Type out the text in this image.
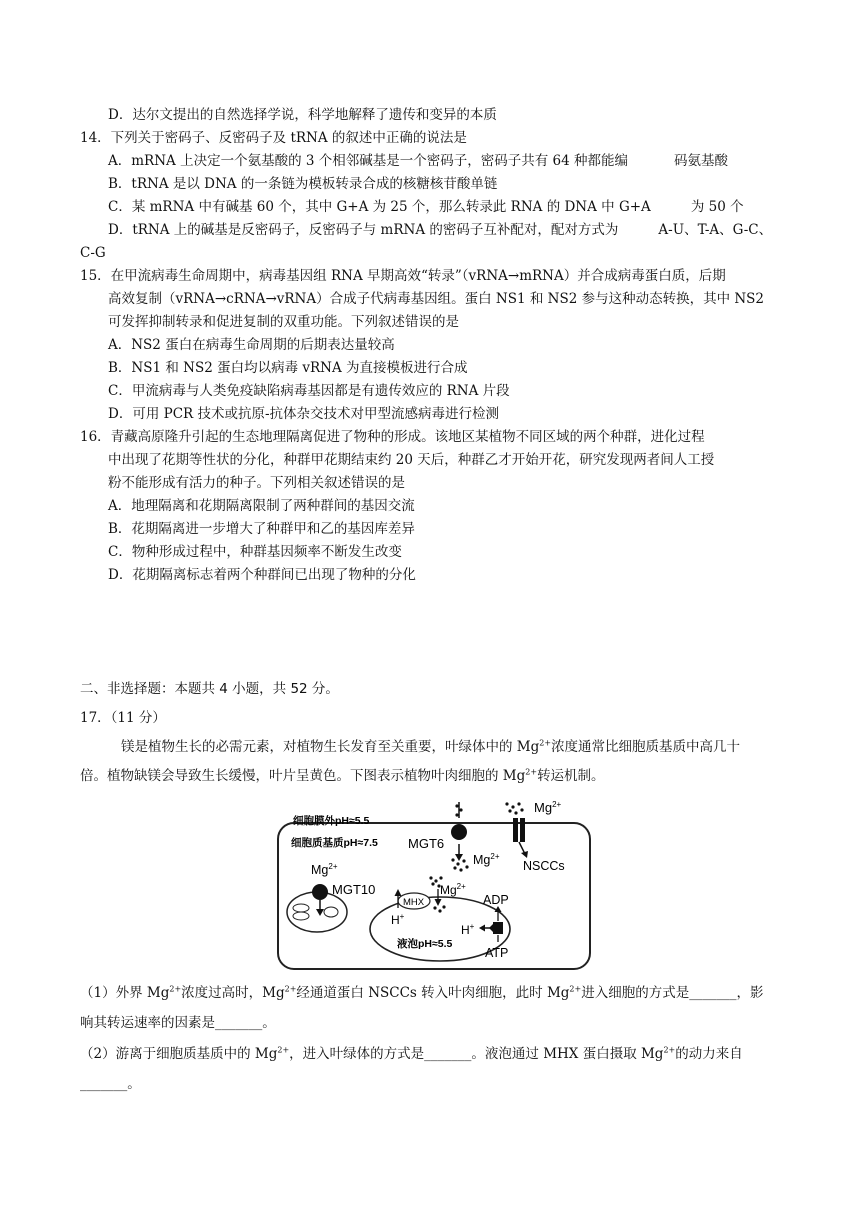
D．达尔文提出的自然选择学说，科学地解释了遗传和变异的本质
14．下列关于密码子、反密码子及 tRNA 的叙述中正确的说法是
A．mRNA 上决定一个氨基酸的 3 个相邻碱基是一个密码子，密码子共有 64 种都能编	码氨基酸
B．tRNA 是以 DNA 的一条链为模板转录合成的核糖核苷酸单链
C．某 mRNA 中有碱基 60 个，其中 G+A 为 25 个，那么转录此 RNA 的 DNA 中 G+A	为 50 个
D．tRNA 上的碱基是反密码子，反密码子与 mRNA 的密码子互补配对，配对方式为	A-U、T-A、G-C、
C-G
15．在甲流病毒生命周期中，病毒基因组 RNA 早期高效“转录”（vRNA→mRNA）并合成病毒蛋白质，后期
高效复制（vRNA→cRNA→vRNA）合成子代病毒基因组。蛋白 NS1 和 NS2 参与这种动态转换，其中 NS2
可发挥抑制转录和促进复制的双重功能。下列叙述错误的是
A．NS2 蛋白在病毒生命周期的后期表达量较高
B．NS1 和 NS2 蛋白均以病毒 vRNA 为直接模板进行合成
C．甲流病毒与人类免疫缺陷病毒基因都是有遗传效应的 RNA 片段
D．可用 PCR 技术或抗原-抗体杂交技术对甲型流感病毒进行检测
16．青藏高原隆升引起的生态地理隔离促进了物种的形成。该地区某植物不同区域的两个种群，进化过程
中出现了花期等性状的分化，种群甲花期结束约 20 天后，种群乙才开始开花，研究发现两者间人工授
粉不能形成有活力的种子。下列相关叙述错误的是
A．地理隔离和花期隔离限制了两种群间的基因交流
B．花期隔离进一步增大了种群甲和乙的基因库差异
C．物种形成过程中，种群基因频率不断发生改变
D．花期隔离标志着两个种群间已出现了物种的分化
二、非选择题：本题共 4 小题，共 52 分。
17．（11 分）
镁是植物生长的必需元素，对植物生长发育至关重要，叶绿体中的 $Mg^{2+}$浓度通常比细胞质基质中高几十
倍。植物缺镁会导致生长缓慢，叶片呈黄色。下图表示植物叶肉细胞的 $Mg^{2+}$转运机制。
细胞膜外pH≈5.5
细胞质基质pH≈7.5 MGT6
$Mg^{2+}$
$Mg^{2+}$
NSCCs
$Mg^{2+}$
MGT10
液泡pH≈5.5
MHX
H+
$Mg^{2+}$
H+
ADP
ATP
（1）外界 $Mg^{2+}$浓度过高时，$Mg^{2+}$经通道蛋白 NSCCs 转入叶肉细胞，此时 $Mg^{2+}$进入细胞的方式是_______，影
响其转运速率的因素是_______。
（2）游离于细胞质基质中的 $Mg^{2+}$，进入叶绿体的方式是_______。液泡通过 MHX 蛋白摄取 $Mg^{2+}$的动力来自
_______。
